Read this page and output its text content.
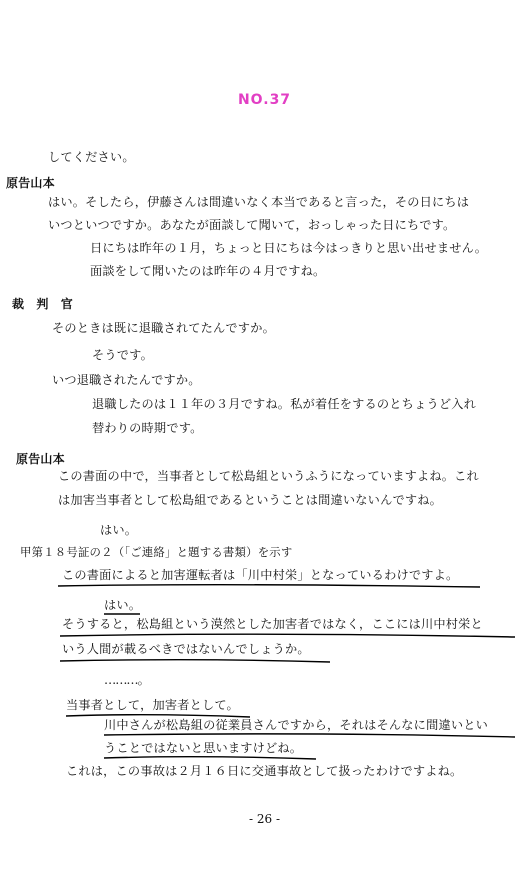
NO.37
してください。
原告山本
はい。そしたら，伊藤さんは間違いなく本当であると言った，その日にちは
いつといつですか。あなたが面談して聞いて，おっしゃった日にちです。
日にちは昨年の１月，ちょっと日にちは今はっきりと思い出せません。
面談をして聞いたのは昨年の４月ですね。
裁　判　官
そのときは既に退職されてたんですか。
そうです。
いつ退職されたんですか。
退職したのは１１年の３月ですね。私が着任をするのとちょうど入れ
替わりの時期です。
原告山本
この書面の中で，当事者として松島組というふうになっていますよね。これ
は加害当事者として松島組であるということは間違いないんですね。
はい。
甲第１８号証の２（「ご連絡」と題する書類）を示す
この書面によると加害運転者は「川中村栄」となっているわけですよ。
はい。
そうすると，松島組という漠然とした加害者ではなく，ここには川中村栄と
いう人間が載るべきではないんでしょうか。
………。
当事者として，加害者として。
川中さんが松島組の従業員さんですから，それはそんなに間違いとい
うことではないと思いますけどね。
これは，この事故は２月１６日に交通事故として扱ったわけですよね。
- 26 -
